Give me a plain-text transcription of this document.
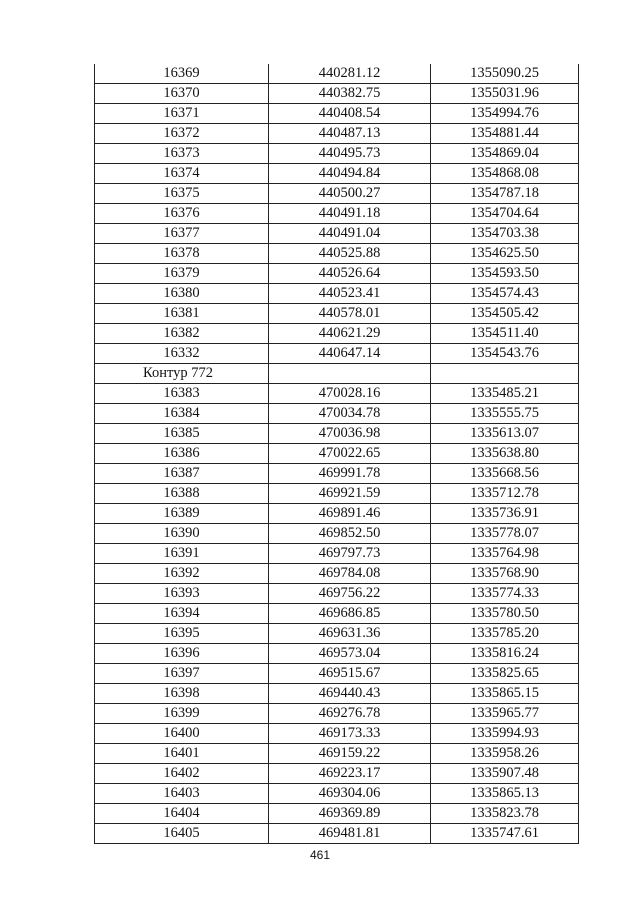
16369	440281.12	1355090.25
16370	440382.75	1355031.96
16371	440408.54	1354994.76
16372	440487.13	1354881.44
16373	440495.73	1354869.04
16374	440494.84	1354868.08
16375	440500.27	1354787.18
16376	440491.18	1354704.64
16377	440491.04	1354703.38
16378	440525.88	1354625.50
16379	440526.64	1354593.50
16380	440523.41	1354574.43
16381	440578.01	1354505.42
16382	440621.29	1354511.40
16332	440647.14	1354543.76
Контур 772		
16383	470028.16	1335485.21
16384	470034.78	1335555.75
16385	470036.98	1335613.07
16386	470022.65	1335638.80
16387	469991.78	1335668.56
16388	469921.59	1335712.78
16389	469891.46	1335736.91
16390	469852.50	1335778.07
16391	469797.73	1335764.98
16392	469784.08	1335768.90
16393	469756.22	1335774.33
16394	469686.85	1335780.50
16395	469631.36	1335785.20
16396	469573.04	1335816.24
16397	469515.67	1335825.65
16398	469440.43	1335865.15
16399	469276.78	1335965.77
16400	469173.33	1335994.93
16401	469159.22	1335958.26
16402	469223.17	1335907.48
16403	469304.06	1335865.13
16404	469369.89	1335823.78
16405	469481.81	1335747.61
461
